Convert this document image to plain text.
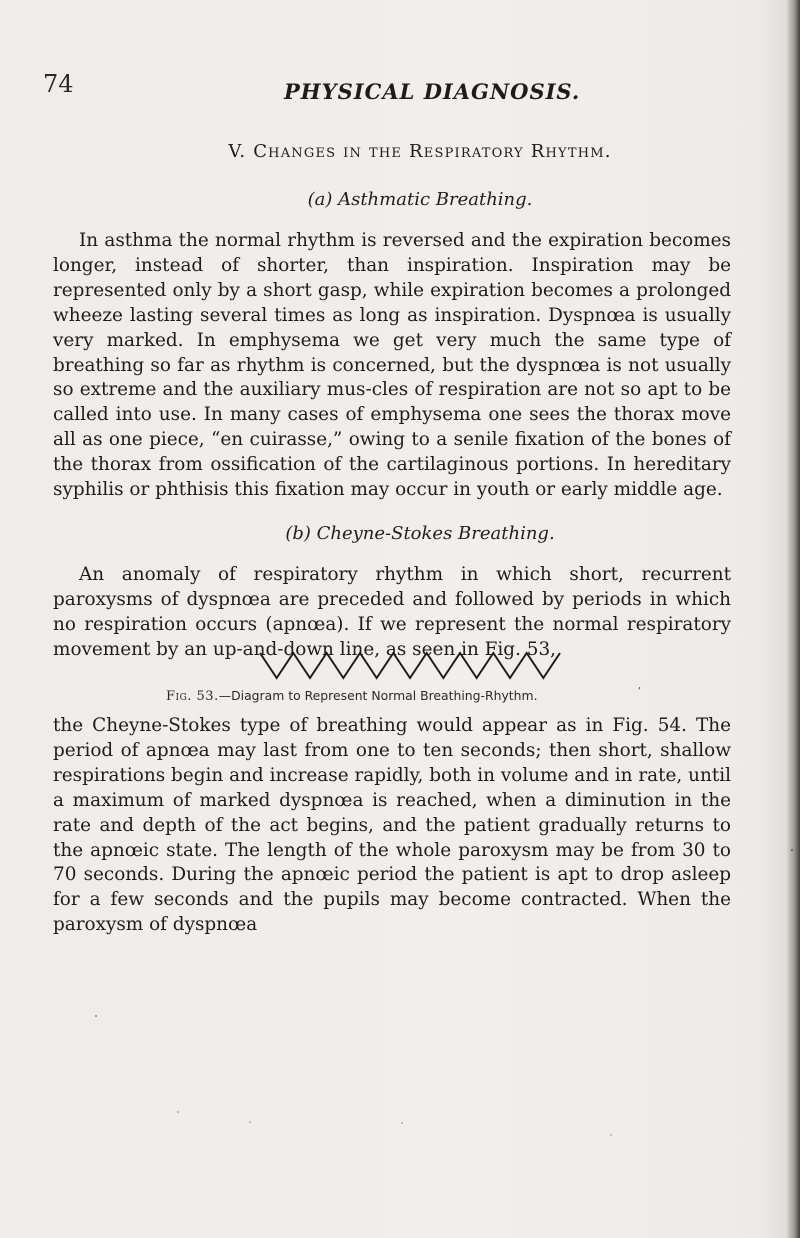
74	PHYSICAL DIAGNOSIS.
V. Changes in the Respiratory Rhythm.
(a) Asthmatic Breathing.

In asthma the normal rhythm is reversed and the expiration becomes longer, instead of shorter, than inspiration. Inspiration may be represented only by a short gasp, while expiration becomes a prolonged wheeze lasting several times as long as inspiration. Dyspnœa is usually very marked. In emphysema we get very much the same type of breathing so far as rhythm is concerned, but the dyspnœa is not usually so extreme and the auxiliary mus-cles of respiration are not so apt to be called into use. In many cases of emphysema one sees the thorax move all as one piece, “en cuirasse,” owing to a senile fixation of the bones of the thorax from ossification of the cartilaginous portions. In hereditary syphilis or phthisis this fixation may occur in youth or early middle age.

(b) Cheyne-Stokes Breathing.

An anomaly of respiratory rhythm in which short, recurrent paroxysms of dyspnœa are preceded and followed by periods in which no respiration occurs (apnœa). If we represent the normal respiratory movement by an up-and-down line, as seen in Fig. 53,

Fig. 53.—Diagram to Represent Normal Breathing-Rhythm.
,

the Cheyne-Stokes type of breathing would appear as in Fig. 54. The period of apnœa may last from one to ten seconds; then short, shallow respirations begin and increase rapidly, both in volume and in rate, until a maximum of marked dyspnœa is reached, when a diminution in the rate and depth of the act begins, and the patient gradually returns to the apnœic state. The length of the whole paroxysm may be from 30 to 70 seconds. During the apnœic period the patient is apt to drop asleep for a few seconds and the pupils may become contracted. When the paroxysm of dyspnœa
